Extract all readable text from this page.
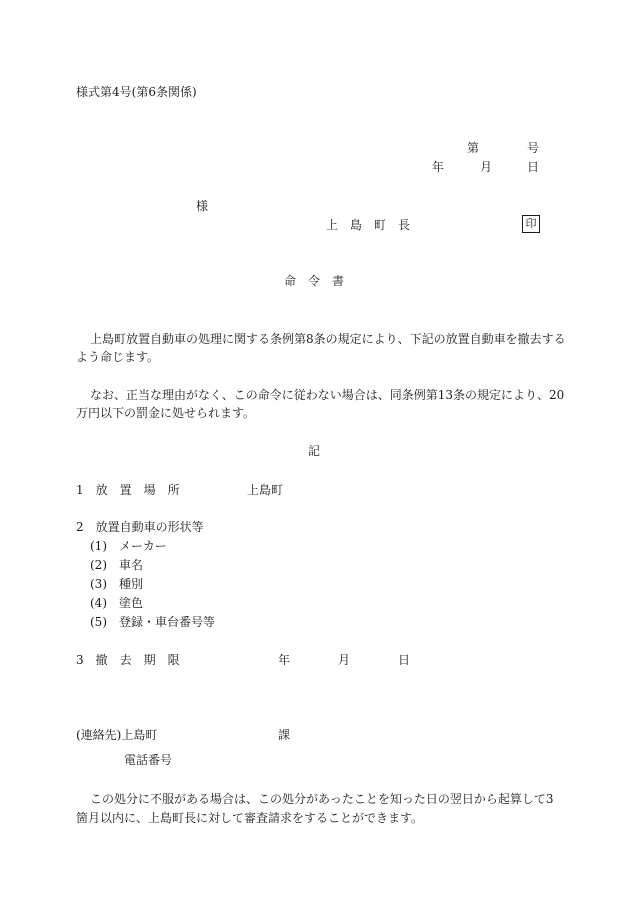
様式第4号(第6条関係)
第	号
年	月	日
様
上　島　町　長	印
命　令　書
上島町放置自動車の処理に関する条例第8条の規定により、下記の放置自動車を撤去する
よう命じます。
なお、正当な理由がなく、この命令に従わない場合は、同条例第13条の規定により、20
万円以下の罰金に処せられます。
記
1　放　置　場　所	上島町
2　放置自動車の形状等
(1)　メーカー
(2)　車名
(3)　種別
(4)　塗色
(5)　登録・車台番号等
3　撤　去　期　限	年	月	日
(連絡先)上島町	課
電話番号
この処分に不服がある場合は、この処分があったことを知った日の翌日から起算して3
箇月以内に、上島町長に対して審査請求をすることができます。
